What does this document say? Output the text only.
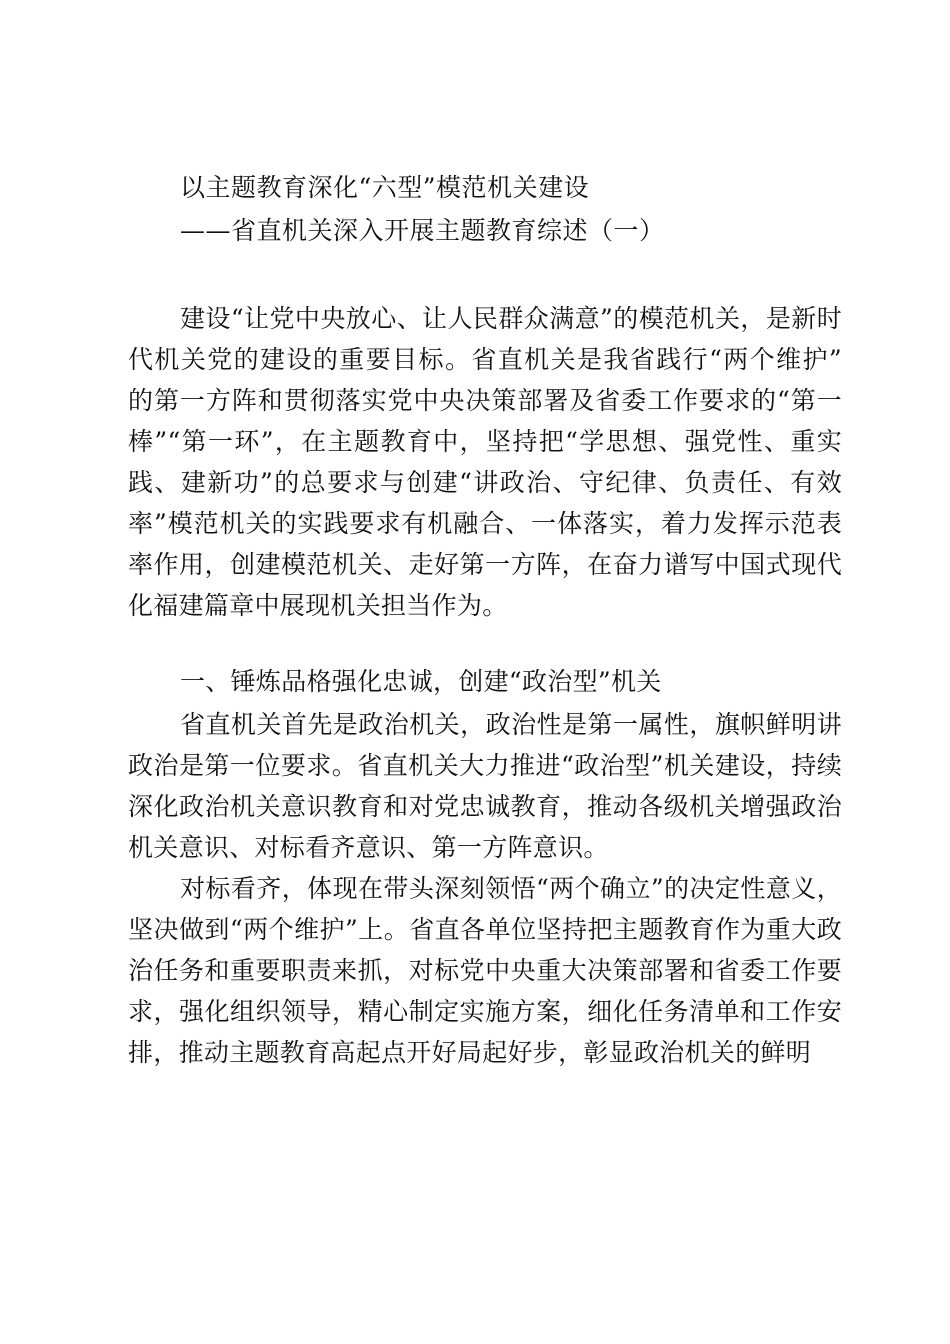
以主题教育深化“六型”模范机关建设
——省直机关深入开展主题教育综述（一）
建设“让党中央放心、让人民群众满意”的模范机关，是新时代机关党的建设的重要目标。省直机关是我省践行“两个维护” 的第一方阵和贯彻落实党中央决策部署及省委工作要求的“第一棒”“第一环”，在主题教育中，坚持把“学思想、强党性、重实践、建新功”的总要求与创建“讲政治、守纪律、负责任、有效率”模范机关的实践要求有机融合、一体落实，着力发挥示范表率作用，创建模范机关、走好第一方阵，在奋力谱写中国式现代化福建篇章中展现机关担当作为。
一、锤炼品格强化忠诚，创建“政治型”机关
省直机关首先是政治机关，政治性是第一属性，旗帜鲜明讲政治是第一位要求。省直机关大力推进“政治型”机关建设，持续深化政治机关意识教育和对党忠诚教育，推动各级机关增强政治机关意识、对标看齐意识、第一方阵意识。
对标看齐，体现在带头深刻领悟“两个确立”的决定性意义，坚决做到“两个维护”上。省直各单位坚持把主题教育作为重大政治任务和重要职责来抓，对标党中央重大决策部署和省委工作要求，强化组织领导，精心制定实施方案，细化任务清单和工作安排，推动主题教育高起点开好局起好步，彰显政治机关的鲜明
